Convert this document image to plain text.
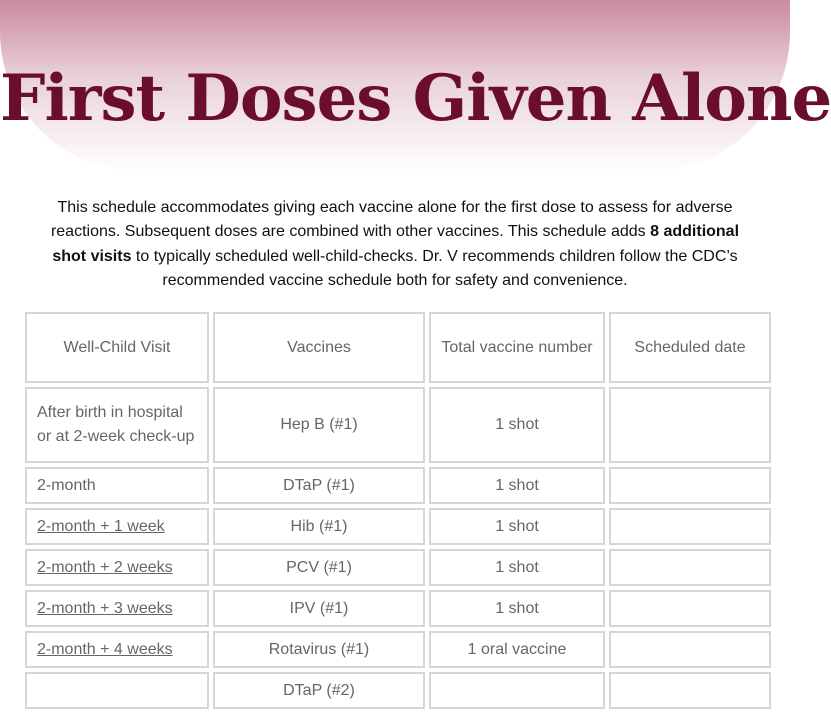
First Doses Given Alone

This schedule accommodates giving each vaccine alone for the first dose to assess for adverse reactions. Subsequent doses are combined with other vaccines. This schedule adds 8 additional shot visits to typically scheduled well-child-checks. Dr. V recommends children follow the CDC’s recommended vaccine schedule both for safety and convenience.

Well-Child Visit	Vaccines	Total vaccine number	Scheduled date
After birth in hospital or at 2-week check-up	Hep B (#1)	1 shot	
2-month	DTaP (#1)	1 shot	
2-month + 1 week	Hib (#1)	1 shot	
2-month + 2 weeks	PCV (#1)	1 shot	
2-month + 3 weeks	IPV (#1)	1 shot	
2-month + 4 weeks	Rotavirus (#1)	1 oral vaccine	
	DTaP (#2)		
